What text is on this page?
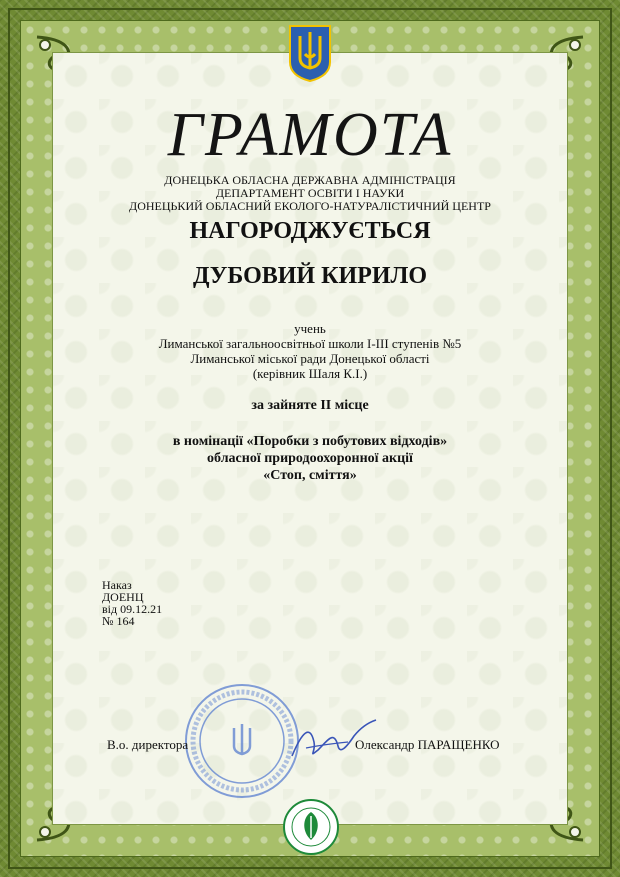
ГРАМОТА
ДОНЕЦЬКА ОБЛАСНА ДЕРЖАВНА АДМІНІСТРАЦІЯ
ДЕПАРТАМЕНТ ОСВІТИ І НАУКИ
ДОНЕЦЬКИЙ ОБЛАСНИЙ ЕКОЛОГО-НАТУРАЛІСТИЧНИЙ ЦЕНТР
НАГОРОДЖУЄТЬСЯ
ДУБОВИЙ КИРИЛО
учень
Лиманської загальноосвітньої школи І-ІІІ ступенів №5
Лиманської міської ради Донецької області
(керівник Шаля К.І.)
за зайняте ІІ місце
в номінації «Поробки з побутових відходів»
обласної природоохоронної акції
«Стоп, сміття»
Наказ
ДОЕНЦ
від 09.12.21
№ 164
В.о. директора	Олександр ПАРАЩЕНКО
